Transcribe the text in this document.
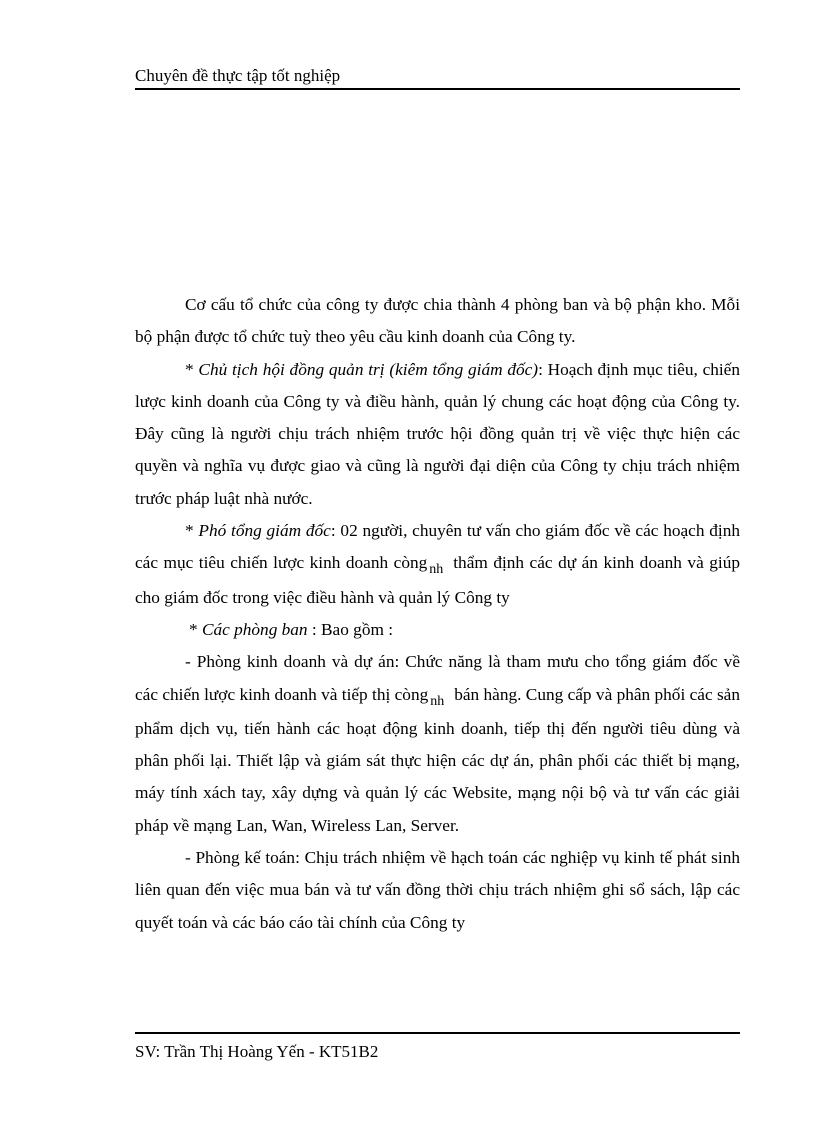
Chuyên đề thực tập tốt nghiệp

Cơ cấu tổ chức của công ty được chia thành 4 phòng ban và bộ phận kho. Mỗi bộ phận được tổ chức tuỳ theo yêu cầu kinh doanh của Công ty.

* Chủ tịch hội đồng quản trị (kiêm tổng giám đốc): Hoạch định mục tiêu, chiến lược kinh doanh của Công ty và điều hành, quản lý chung các hoạt động của Công ty. Đây cũng là người chịu trách nhiệm trước hội đồng quản trị về việc thực hiện các quyền và nghĩa vụ được giao và cũng là người đại diện của Công ty chịu trách nhiệm trước pháp luật nhà nước.

* Phó tổng giám đốc: 02 người, chuyên tư vấn cho giám đốc về các hoạch định các mục tiêu chiến lược kinh doanh còng $_{nh}$ thẩm định các dự án kinh doanh và giúp cho giám đốc trong việc điều hành và quản lý Công ty

* Các phòng ban : Bao gồm :

- Phòng kinh doanh và dự án: Chức năng là tham mưu cho tổng giám đốc về các chiến lược kinh doanh và tiếp thị còng $_{nh}$ bán hàng. Cung cấp và phân phối các sản phẩm dịch vụ, tiến hành các hoạt động kinh doanh, tiếp thị đến người tiêu dùng và phân phối lại. Thiết lập và giám sát thực hiện các dự án, phân phối các thiết bị mạng, máy tính xách tay, xây dựng và quản lý các Website, mạng nội bộ và tư vấn các giải pháp về mạng Lan, Wan, Wireless Lan, Server.

- Phòng kế toán: Chịu trách nhiệm về hạch toán các nghiệp vụ kinh tế phát sinh liên quan đến việc mua bán và tư vấn đồng thời chịu trách nhiệm ghi sổ sách, lập các quyết toán và các báo cáo tài chính của Công ty

SV: Trần Thị Hoàng Yến - KT51B2
